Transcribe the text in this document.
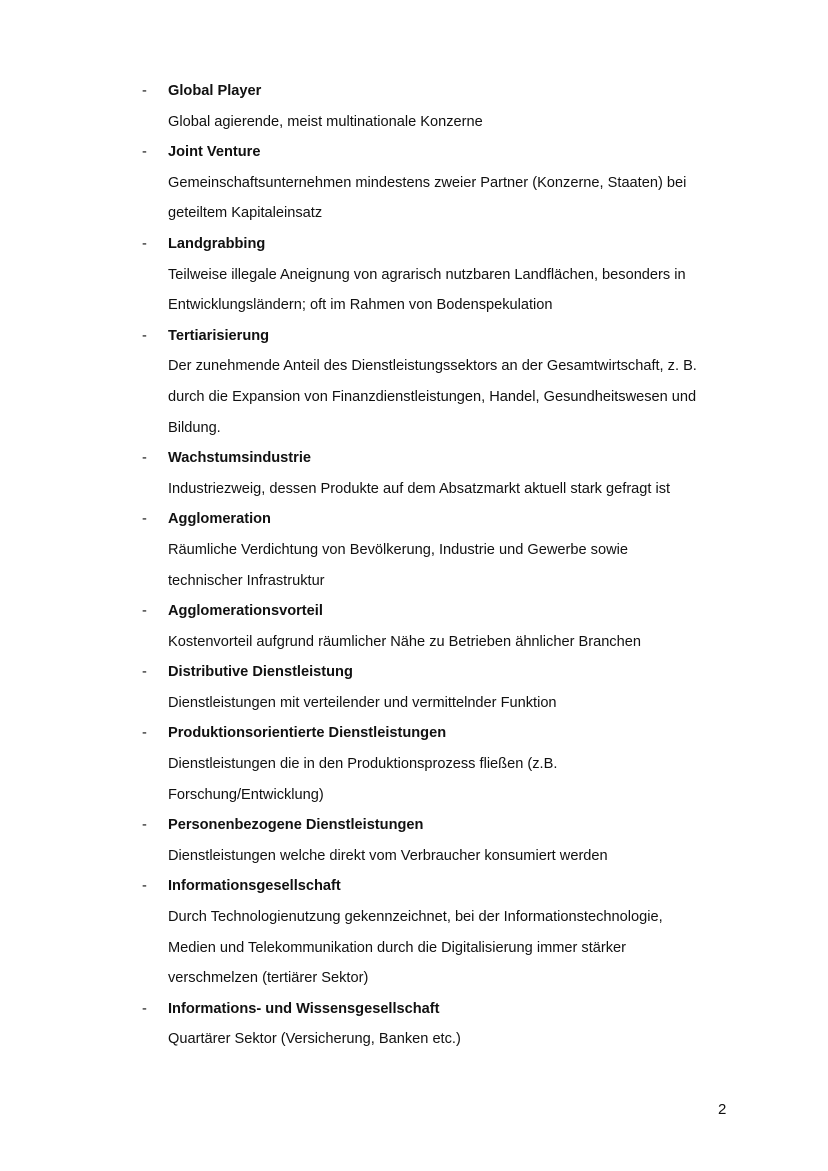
- Global Player
Global agierende, meist multinationale Konzerne
- Joint Venture
Gemeinschaftsunternehmen mindestens zweier Partner (Konzerne, Staaten) bei
geteiltem Kapitaleinsatz
- Landgrabbing
Teilweise illegale Aneignung von agrarisch nutzbaren Landflächen, besonders in
Entwicklungsländern; oft im Rahmen von Bodenspekulation
- Tertiarisierung
Der zunehmende Anteil des Dienstleistungssektors an der Gesamtwirtschaft, z. B.
durch die Expansion von Finanzdienstleistungen, Handel, Gesundheitswesen und
Bildung.
- Wachstumsindustrie
Industriezweig, dessen Produkte auf dem Absatzmarkt aktuell stark gefragt ist
- Agglomeration
Räumliche Verdichtung von Bevölkerung, Industrie und Gewerbe sowie
technischer Infrastruktur
- Agglomerationsvorteil
Kostenvorteil aufgrund räumlicher Nähe zu Betrieben ähnlicher Branchen
- Distributive Dienstleistung
Dienstleistungen mit verteilender und vermittelnder Funktion
- Produktionsorientierte Dienstleistungen
Dienstleistungen die in den Produktionsprozess fließen (z.B.
Forschung/Entwicklung)
- Personenbezogene Dienstleistungen
Dienstleistungen welche direkt vom Verbraucher konsumiert werden
- Informationsgesellschaft
Durch Technologienutzung gekennzeichnet, bei der Informationstechnologie,
Medien und Telekommunikation durch die Digitalisierung immer stärker
verschmelzen (tertiärer Sektor)
- Informations- und Wissensgesellschaft
Quartärer Sektor (Versicherung, Banken etc.)
2
